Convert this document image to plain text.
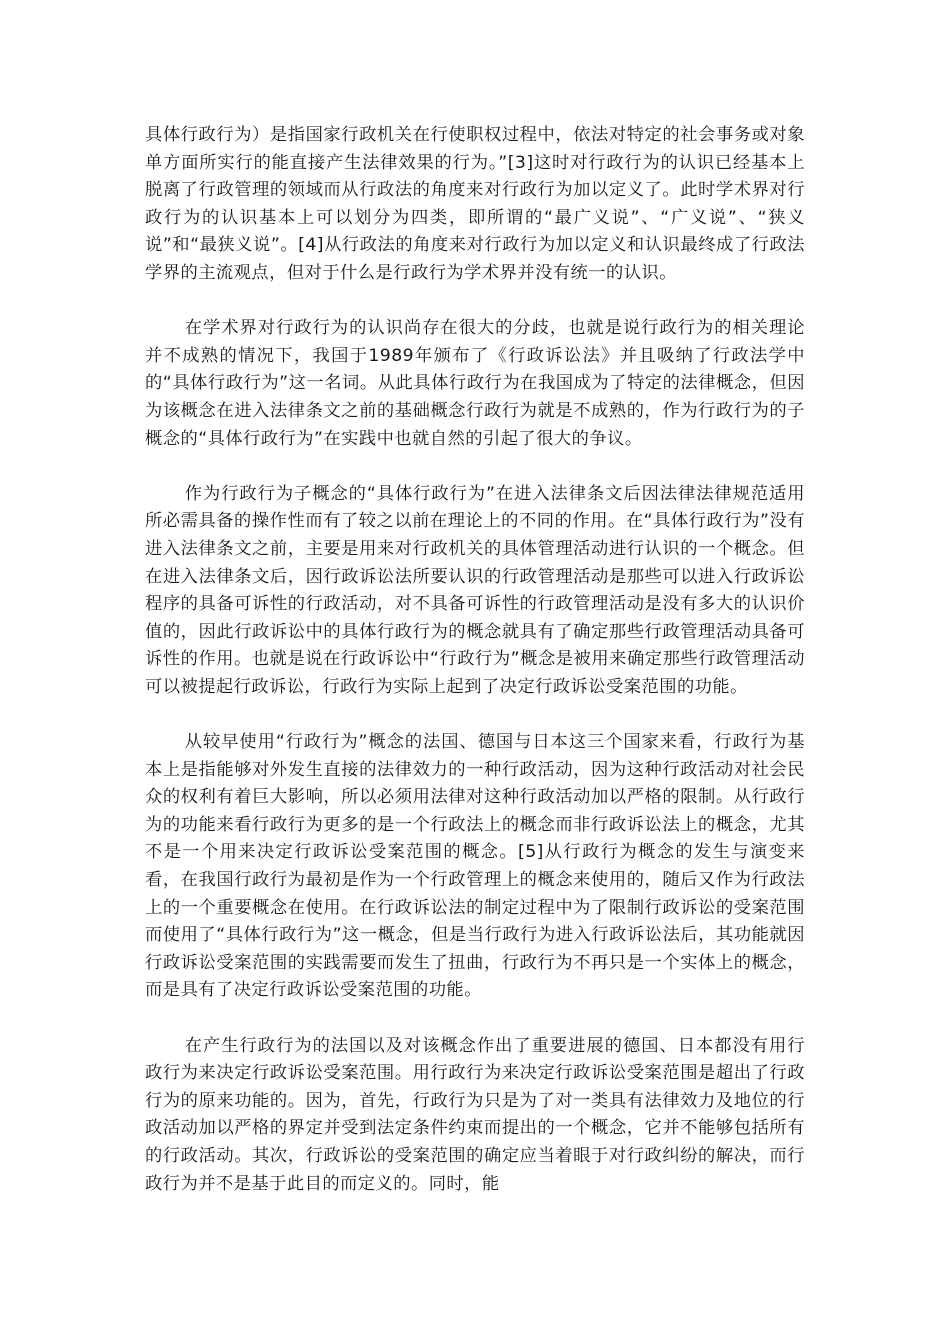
具体行政行为）是指国家行政机关在行使职权过程中，依法对特定的社会事务或对象单方面所实行的能直接产生法律效果的行为。”[3]这时对行政行为的认识已经基本上脱离了行政管理的领域而从行政法的角度来对行政行为加以定义了。此时学术界对行政行为的认识基本上可以划分为四类，即所谓的“最广义说”、“广义说”、“狭义说”和“最狭义说”。[4]从行政法的角度来对行政行为加以定义和认识最终成了行政法学界的主流观点，但对于什么是行政行为学术界并没有统一的认识。

在学术界对行政行为的认识尚存在很大的分歧，也就是说行政行为的相关理论并不成熟的情况下，我国于1989年颁布了《行政诉讼法》并且吸纳了行政法学中的“具体行政行为”这一名词。从此具体行政行为在我国成为了特定的法律概念，但因为该概念在进入法律条文之前的基础概念行政行为就是不成熟的，作为行政行为的子概念的“具体行政行为”在实践中也就自然的引起了很大的争议。

作为行政行为子概念的“具体行政行为”在进入法律条文后因法律法律规范适用所必需具备的操作性而有了较之以前在理论上的不同的作用。在“具体行政行为”没有进入法律条文之前，主要是用来对行政机关的具体管理活动进行认识的一个概念。但在进入法律条文后，因行政诉讼法所要认识的行政管理活动是那些可以进入行政诉讼程序的具备可诉性的行政活动，对不具备可诉性的行政管理活动是没有多大的认识价值的，因此行政诉讼中的具体行政行为的概念就具有了确定那些行政管理活动具备可诉性的作用。也就是说在行政诉讼中“行政行为”概念是被用来确定那些行政管理活动可以被提起行政诉讼，行政行为实际上起到了决定行政诉讼受案范围的功能。

从较早使用“行政行为”概念的法国、德国与日本这三个国家来看，行政行为基本上是指能够对外发生直接的法律效力的一种行政活动，因为这种行政活动对社会民众的权利有着巨大影响，所以必须用法律对这种行政活动加以严格的限制。从行政行为的功能来看行政行为更多的是一个行政法上的概念而非行政诉讼法上的概念，尤其不是一个用来决定行政诉讼受案范围的概念。[5]从行政行为概念的发生与演变来看，在我国行政行为最初是作为一个行政管理上的概念来使用的，随后又作为行政法上的一个重要概念在使用。在行政诉讼法的制定过程中为了限制行政诉讼的受案范围而使用了“具体行政行为”这一概念，但是当行政行为进入行政诉讼法后，其功能就因行政诉讼受案范围的实践需要而发生了扭曲，行政行为不再只是一个实体上的概念，而是具有了决定行政诉讼受案范围的功能。

在产生行政行为的法国以及对该概念作出了重要进展的德国、日本都没有用行政行为来决定行政诉讼受案范围。用行政行为来决定行政诉讼受案范围是超出了行政行为的原来功能的。因为，首先，行政行为只是为了对一类具有法律效力及地位的行政活动加以严格的界定并受到法定条件约束而提出的一个概念，它并不能够包括所有的行政活动。其次，行政诉讼的受案范围的确定应当着眼于对行政纠纷的解决，而行政行为并不是基于此目的而定义的。同时，能
